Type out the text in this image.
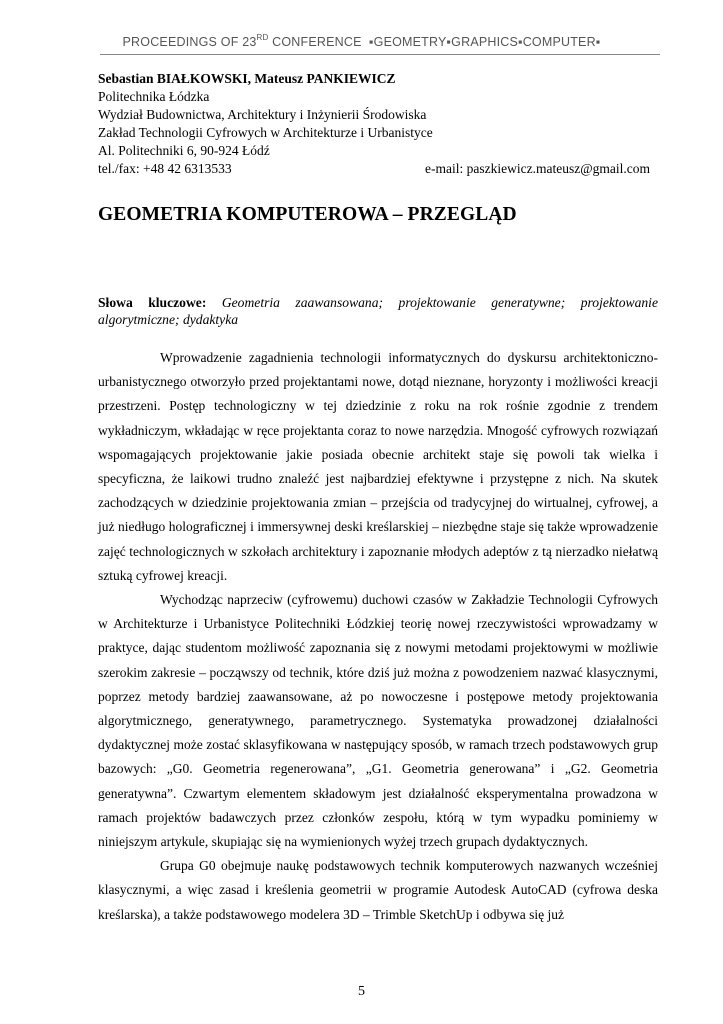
PROCEEDINGS OF 23RD CONFERENCE  ▪GEOMETRY▪GRAPHICS▪COMPUTER▪
Sebastian BIAŁKOWSKI, Mateusz PANKIEWICZ
Politechnika Łódzka
Wydział Budownictwa, Architektury i Inżynierii Środowiska
Zakład Technologii Cyfrowych w Architekturze i Urbanistyce
Al. Politechniki 6, 90-924 Łódź
tel./fax: +48 42 6313533	e-mail: paszkiewicz.mateusz@gmail.com
GEOMETRIA KOMPUTEROWA – PRZEGLĄD
Słowa kluczowe: Geometria zaawansowana; projektowanie generatywne; projektowanie
algorytmiczne; dydaktyka

Wprowadzenie zagadnienia technologii informatycznych do dyskursu architektoniczno-urbanistycznego otworzyło przed projektantami nowe, dotąd nieznane, horyzonty i możliwości kreacji przestrzeni. Postęp technologiczny w tej dziedzinie z roku na rok rośnie zgodnie z trendem wykładniczym, wkładając w ręce projektanta coraz to nowe narzędzia. Mnogość cyfrowych rozwiązań wspomagających projektowanie jakie posiada obecnie architekt staje się powoli tak wielka i specyficzna, że laikowi trudno znaleźć jest najbardziej efektywne i przystępne z nich. Na skutek zachodzących w dziedzinie projektowania zmian – przejścia od tradycyjnej do wirtualnej, cyfrowej, a już niedługo holograficznej i immersywnej deski kreślarskiej – niezbędne staje się także wprowadzenie zajęć technologicznych w szkołach architektury i zapoznanie młodych adeptów z tą nierzadko niełatwą sztuką cyfrowej kreacji.

Wychodząc naprzeciw (cyfrowemu) duchowi czasów w Zakładzie Technologii Cyfrowych w Architekturze i Urbanistyce Politechniki Łódzkiej teorię nowej rzeczywistości wprowadzamy w praktyce, dając studentom możliwość zapoznania się z nowymi metodami projektowymi w możliwie szerokim zakresie – począwszy od technik, które dziś już można z powodzeniem nazwać klasycznymi, poprzez metody bardziej zaawansowane, aż po nowoczesne i postępowe metody projektowania algorytmicznego, generatywnego, parametrycznego. Systematyka prowadzonej działalności dydaktycznej może zostać sklasyfikowana w następujący sposób, w ramach trzech podstawowych grup bazowych: „G0. Geometria regenerowana”, „G1. Geometria generowana” i „G2. Geometria generatywna”. Czwartym elementem składowym jest działalność eksperymentalna prowadzona w ramach projektów badawczych przez członków zespołu, którą w tym wypadku pominiemy w niniejszym artykule, skupiając się na wymienionych wyżej trzech grupach dydaktycznych.

Grupa G0 obejmuje naukę podstawowych technik komputerowych nazwanych wcześniej klasycznymi, a więc zasad i kreślenia geometrii w programie Autodesk AutoCAD (cyfrowa deska kreślarska), a także podstawowego modelera 3D – Trimble SketchUp i odbywa się już

5
